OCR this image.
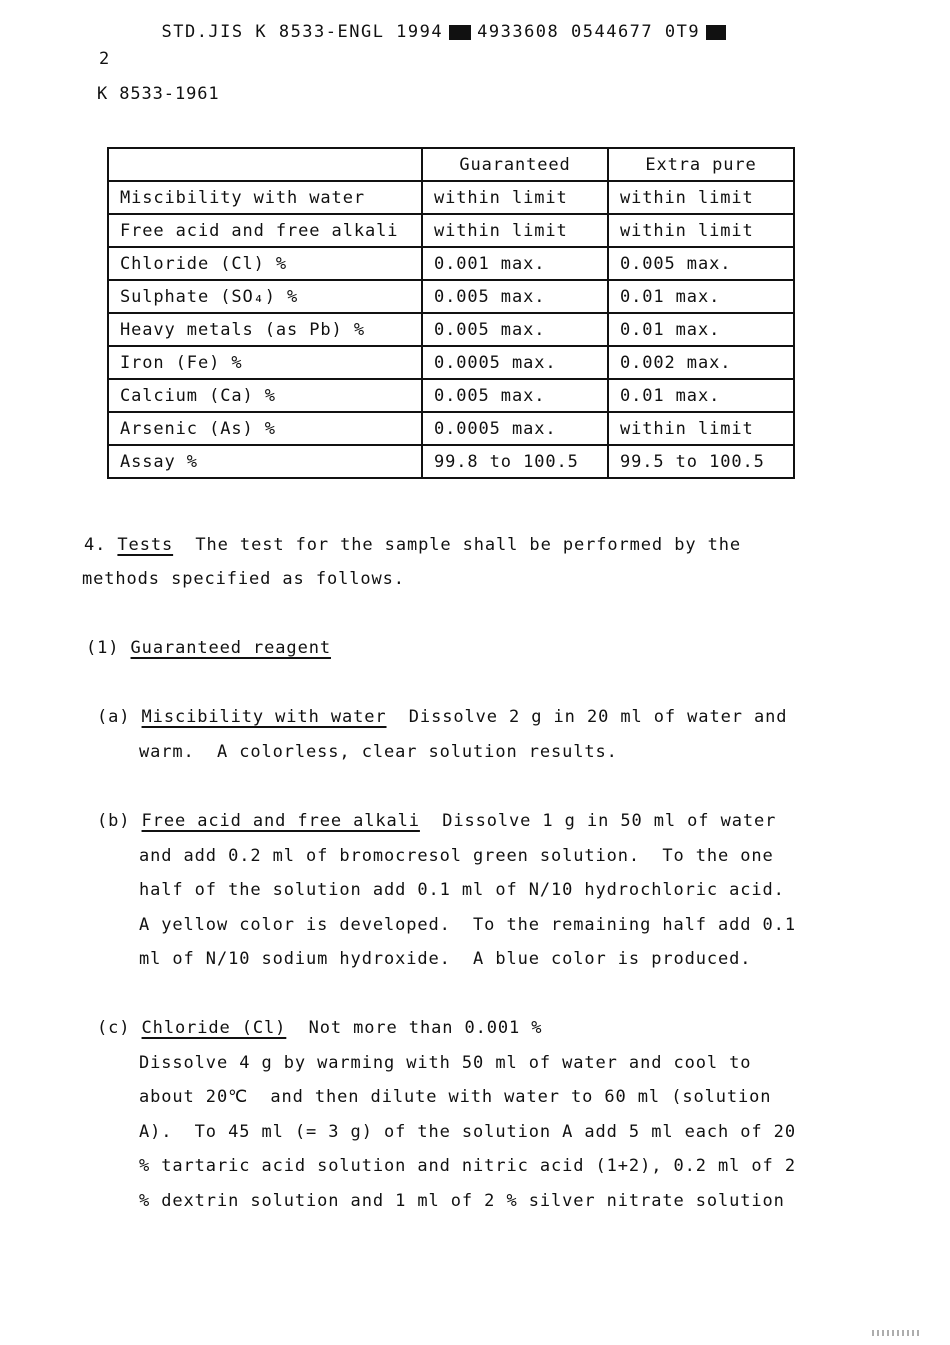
STD.JIS K 8533-ENGL 1994 4933608 0544677 0T9

2
K 8533-1961
	Guaranteed	Extra pure
Miscibility with water	within limit	within limit
Free acid and free alkali	within limit	within limit
Chloride (Cl) %	0.001 max.	0.005 max.
Sulphate (SO₄) %	0.005 max.	0.01 max.
Heavy metals (as Pb) %	0.005 max.	0.01 max.
Iron (Fe) %	0.0005 max.	0.002 max.
Calcium (Ca) %	0.005 max.	0.01 max.
Arsenic (As) %	0.0005 max.	within limit
Assay %	99.8 to 100.5	99.5 to 100.5
4. Tests The test for the sample shall be performed by the
methods specified as follows.
(1) Guaranteed reagent
(a) Miscibility with water Dissolve 2 g in 20 ml of water and
warm.  A colorless, clear solution results.
(b) Free acid and free alkali Dissolve 1 g in 50 ml of water
and add 0.2 ml of bromocresol green solution.  To the one
half of the solution add 0.1 ml of N/10 hydrochloric acid.
A yellow color is developed.  To the remaining half add 0.1
ml of N/10 sodium hydroxide.  A blue color is produced.
(c) Chloride (Cl) Not more than 0.001 %
Dissolve 4 g by warming with 50 ml of water and cool to
about 20℃  and then dilute with water to 60 ml (solution
A).  To 45 ml (= 3 g) of the solution A add 5 ml each of 20
% tartaric acid solution and nitric acid (1+2), 0.2 ml of 2
% dextrin solution and 1 ml of 2 % silver nitrate solution
